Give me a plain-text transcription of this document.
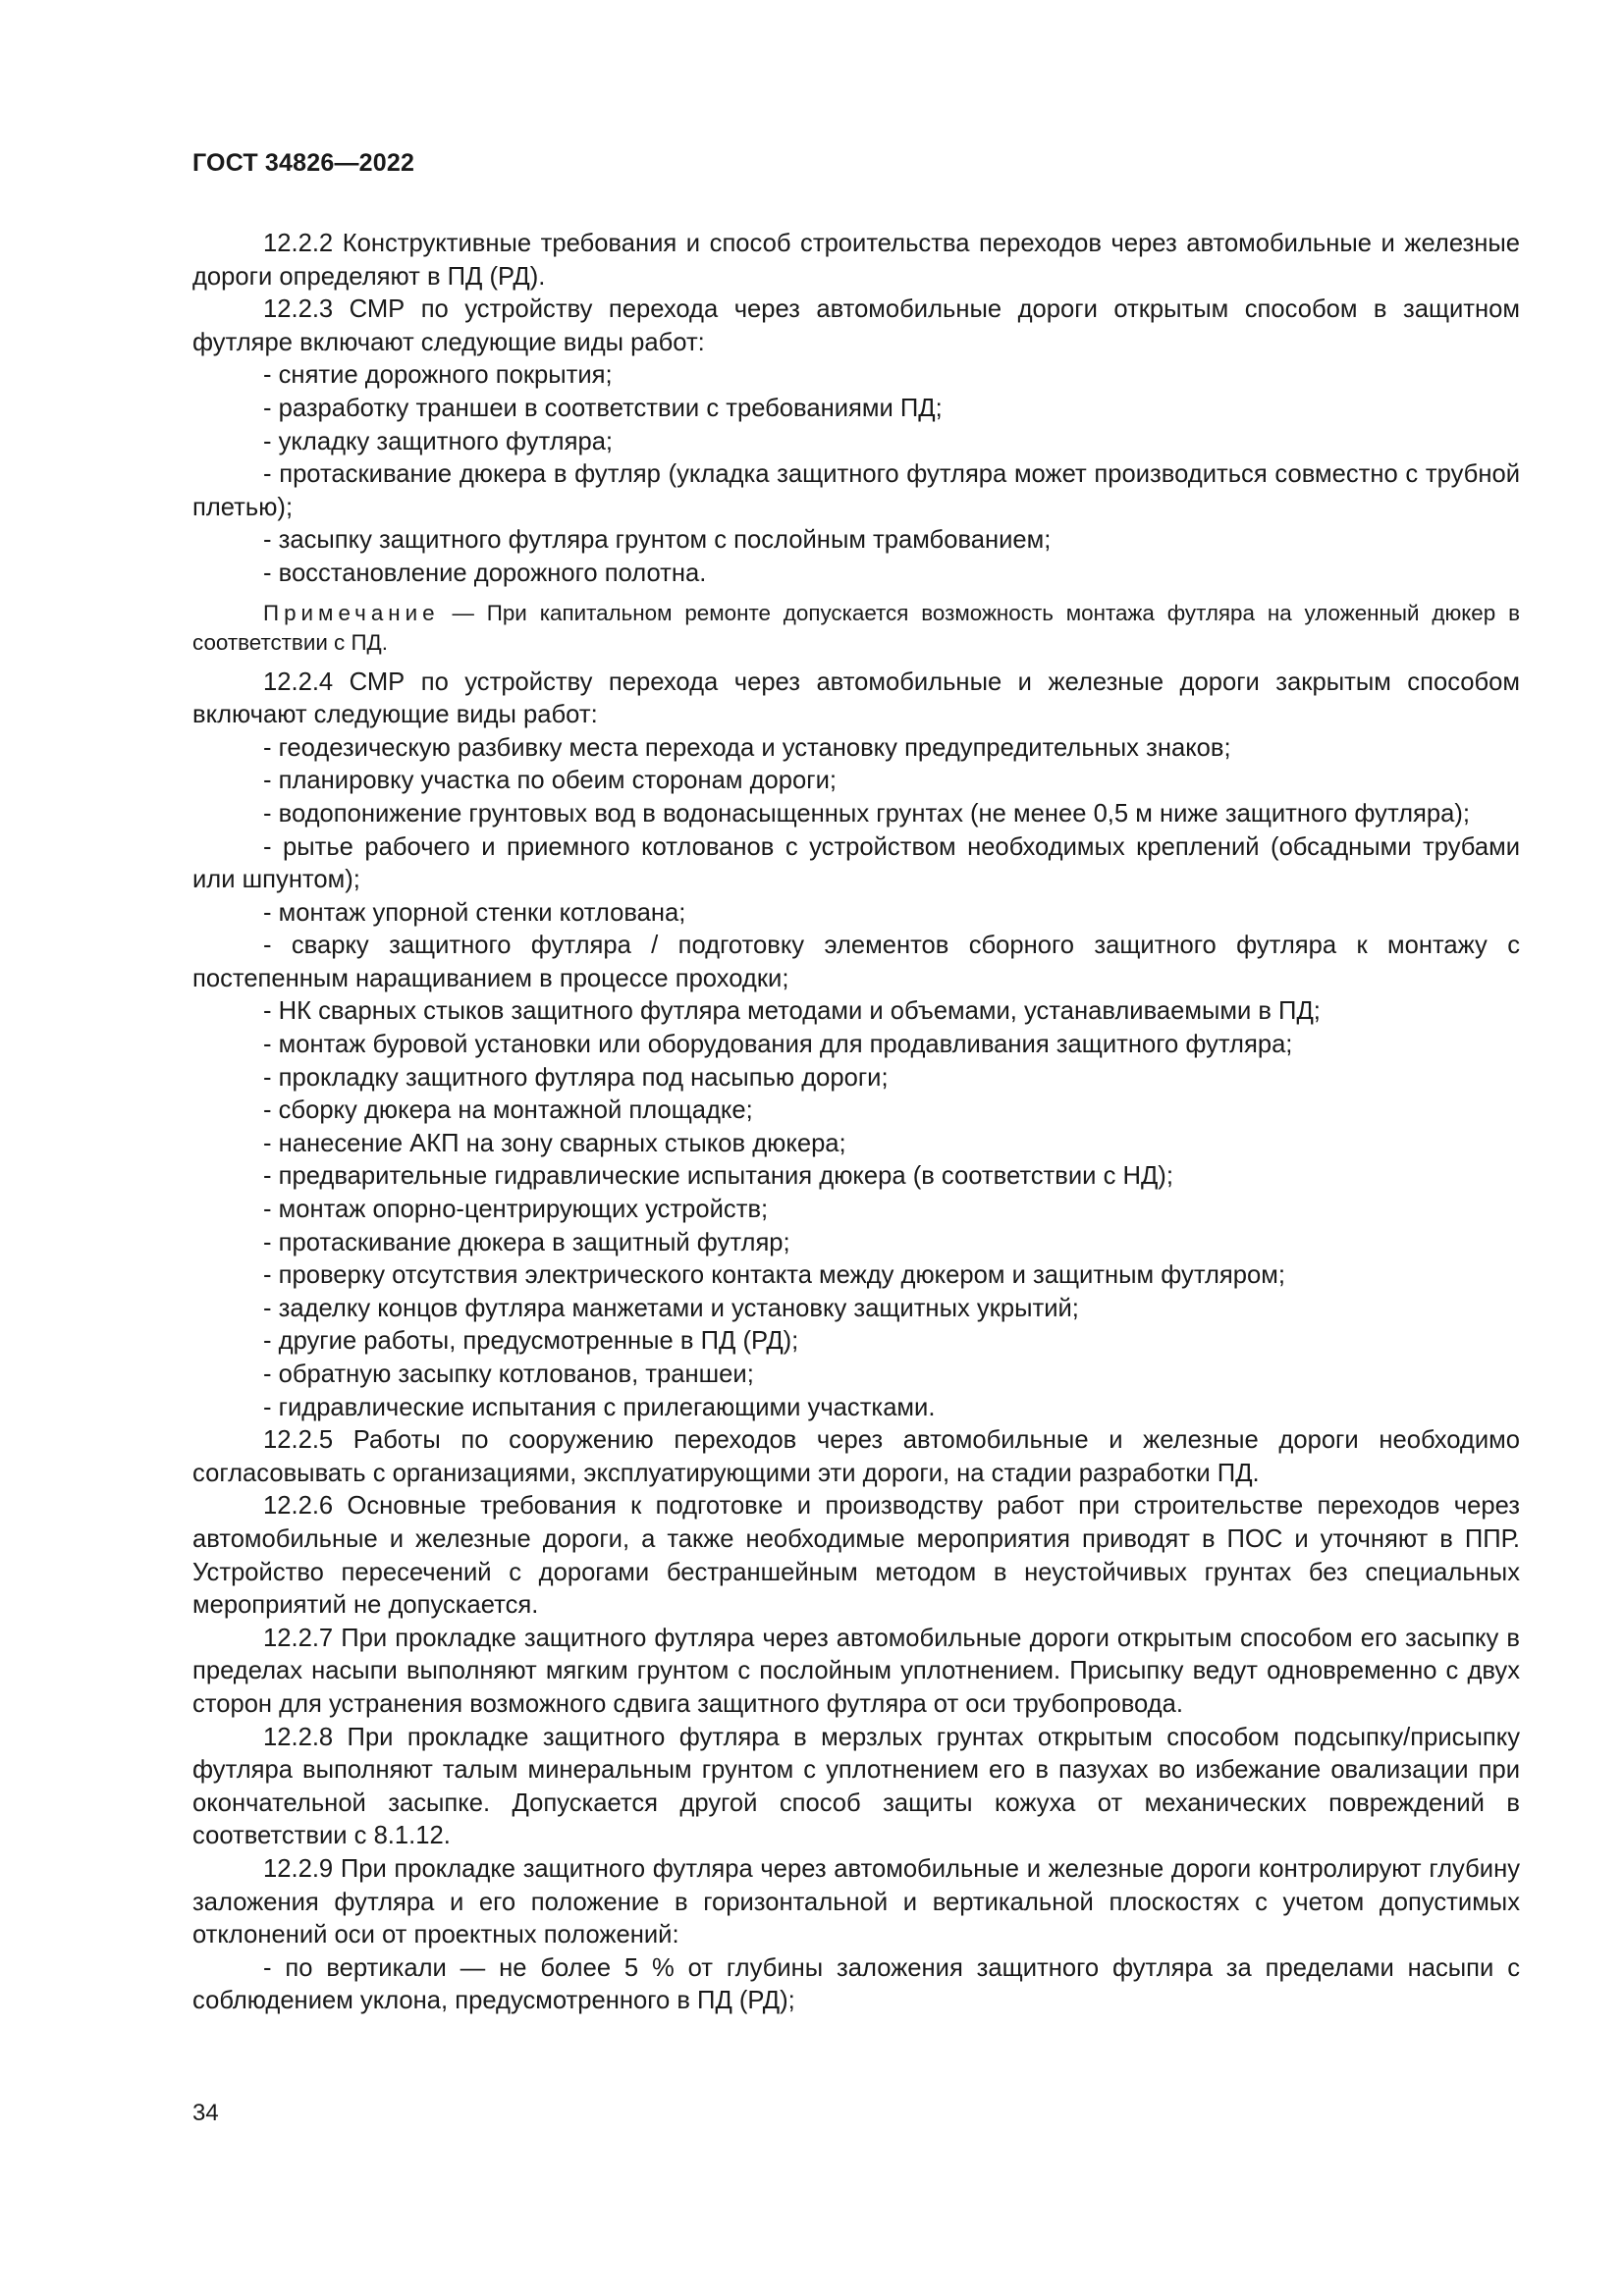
ГОСТ 34826—2022

12.2.2 Конструктивные требования и способ строительства переходов через автомобильные и железные дороги определяют в ПД (РД).

12.2.3 СМР по устройству перехода через автомобильные дороги открытым способом в защитном футляре включают следующие виды работ:

- снятие дорожного покрытия;

- разработку траншеи в соответствии с требованиями ПД;

- укладку защитного футляра;

- протаскивание дюкера в футляр (укладка защитного футляра может производиться совместно с трубной плетью);

- засыпку защитного футляра грунтом с послойным трамбованием;

- восстановление дорожного полотна.

Примечание — При капитальном ремонте допускается возможность монтажа футляра на уложенный дюкер в соответствии с ПД.

12.2.4 СМР по устройству перехода через автомобильные и железные дороги закрытым способом включают следующие виды работ:

- геодезическую разбивку места перехода и установку предупредительных знаков;

- планировку участка по обеим сторонам дороги;

- водопонижение грунтовых вод в водонасыщенных грунтах (не менее 0,5 м ниже защитного футляра);

- рытье рабочего и приемного котлованов с устройством необходимых креплений (обсадными трубами или шпунтом);

- монтаж упорной стенки котлована;

- сварку защитного футляра / подготовку элементов сборного защитного футляра к монтажу с постепенным наращиванием в процессе проходки;

- НК сварных стыков защитного футляра методами и объемами, устанавливаемыми в ПД;

- монтаж буровой установки или оборудования для продавливания защитного футляра;

- прокладку защитного футляра под насыпью дороги;

- сборку дюкера на монтажной площадке;

- нанесение АКП на зону сварных стыков дюкера;

- предварительные гидравлические испытания дюкера (в соответствии с НД);

- монтаж опорно-центрирующих устройств;

- протаскивание дюкера в защитный футляр;

- проверку отсутствия электрического контакта между дюкером и защитным футляром;

- заделку концов футляра манжетами и установку защитных укрытий;

- другие работы, предусмотренные в ПД (РД);

- обратную засыпку котлованов, траншеи;

- гидравлические испытания с прилегающими участками.

12.2.5 Работы по сооружению переходов через автомобильные и железные дороги необходимо согласовывать с организациями, эксплуатирующими эти дороги, на стадии разработки ПД.

12.2.6 Основные требования к подготовке и производству работ при строительстве переходов через автомобильные и железные дороги, а также необходимые мероприятия приводят в ПОС и уточняют в ППР. Устройство пересечений с дорогами бестраншейным методом в неустойчивых грунтах без специальных мероприятий не допускается.

12.2.7 При прокладке защитного футляра через автомобильные дороги открытым способом его засыпку в пределах насыпи выполняют мягким грунтом с послойным уплотнением. Присыпку ведут одновременно с двух сторон для устранения возможного сдвига защитного футляра от оси трубопровода.

12.2.8 При прокладке защитного футляра в мерзлых грунтах открытым способом подсыпку/присыпку футляра выполняют талым минеральным грунтом с уплотнением его в пазухах во избежание овализации при окончательной засыпке. Допускается другой способ защиты кожуха от механических повреждений в соответствии с 8.1.12.

12.2.9 При прокладке защитного футляра через автомобильные и железные дороги контролируют глубину заложения футляра и его положение в горизонтальной и вертикальной плоскостях с учетом допустимых отклонений оси от проектных положений:

- по вертикали — не более 5 % от глубины заложения защитного футляра за пределами насыпи с соблюдением уклона, предусмотренного в ПД (РД);

34
